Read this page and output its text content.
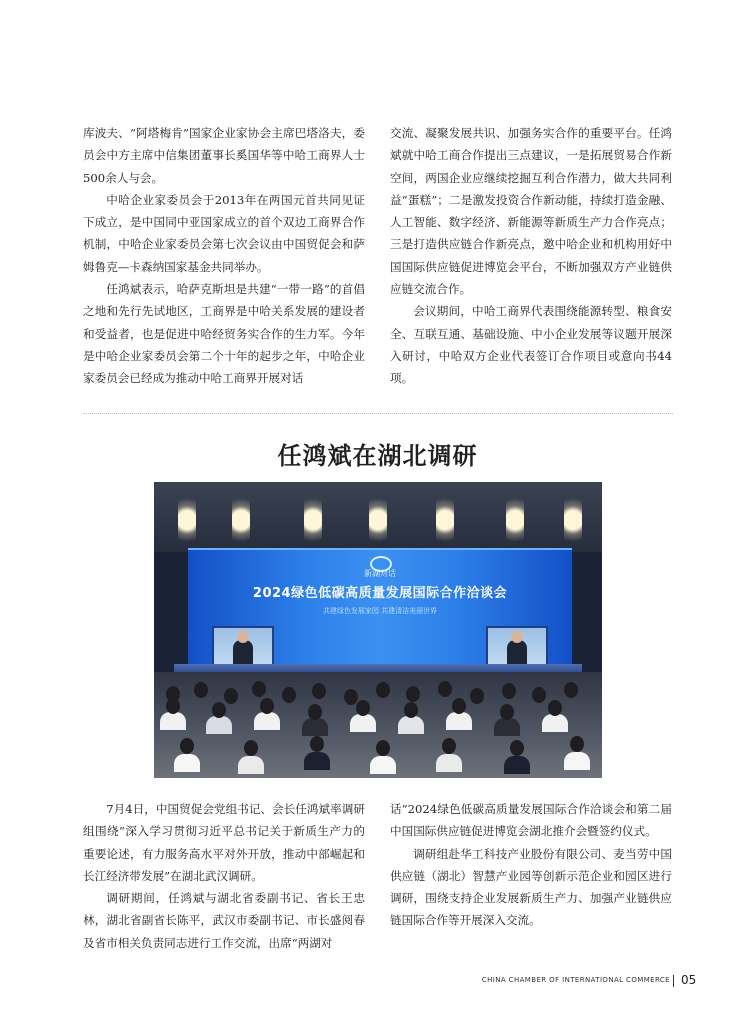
库波夫、“阿塔梅肯”国家企业家协会主席巴塔洛夫，委员会中方主席中信集团董事长奚国华等中哈工商界人士500余人与会。

中哈企业家委员会于2013年在两国元首共同见证下成立，是中国同中亚国家成立的首个双边工商界合作机制，中哈企业家委员会第七次会议由中国贸促会和萨姆鲁克—卡森纳国家基金共同举办。

任鸿斌表示，哈萨克斯坦是共建“一带一路”的首倡之地和先行先试地区，工商界是中哈关系发展的建设者和受益者，也是促进中哈经贸务实合作的生力军。今年是中哈企业家委员会第二个十年的起步之年，中哈企业家委员会已经成为推动中哈工商界开展对话

交流、凝聚发展共识、加强务实合作的重要平台。任鸿斌就中哈工商合作提出三点建议，一是拓展贸易合作新空间，两国企业应继续挖掘互利合作潜力，做大共同利益“蛋糕”；二是激发投资合作新动能，持续打造金融、人工智能、数字经济、新能源等新质生产力合作亮点；三是打造供应链合作新亮点，邀中哈企业和机构用好中国国际供应链促进博览会平台，不断加强双方产业链供应链交流合作。

会议期间，中哈工商界代表围绕能源转型、粮食安全、互联互通、基础设施、中小企业发展等议题开展深入研讨，中哈双方企业代表签订合作项目或意向书44项。

任鸿斌在湖北调研
新湖对话
2024绿色低碳高质量发展国际合作洽谈会
共建绿色发展家园 共建清洁美丽世界

7月4日，中国贸促会党组书记、会长任鸿斌率调研组围绕“深入学习贯彻习近平总书记关于新质生产力的重要论述，有力服务高水平对外开放，推动中部崛起和长江经济带发展”在湖北武汉调研。

调研期间，任鸿斌与湖北省委副书记、省长王忠林，湖北省副省长陈平，武汉市委副书记、市长盛阅春及省市相关负责同志进行工作交流，出席“两湖对

话”2024绿色低碳高质量发展国际合作洽谈会和第二届中国国际供应链促进博览会湖北推介会暨签约仪式。

调研组赴华工科技产业股份有限公司、麦当劳中国供应链（湖北）智慧产业园等创新示范企业和园区进行调研，围绕支持企业发展新质生产力、加强产业链供应链国际合作等开展深入交流。

CHINA CHAMBER OF INTERNATIONAL COMMERCE 05
